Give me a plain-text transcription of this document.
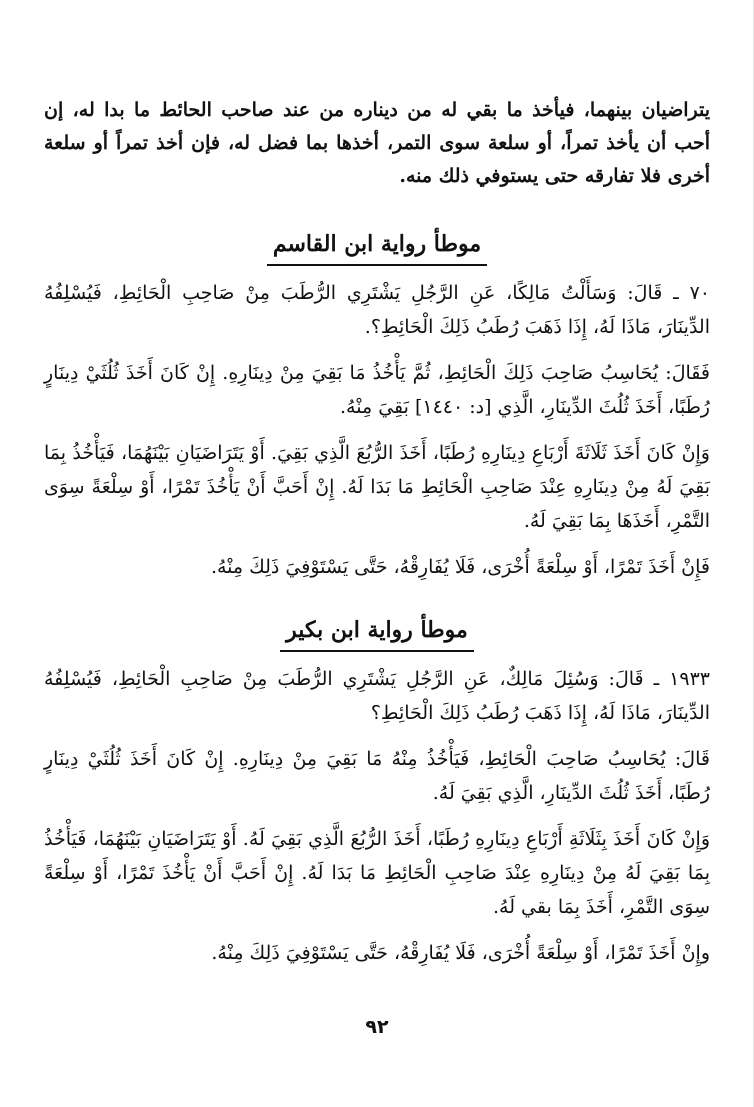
يتراضيان بينهما، فيأخذ ما بقي له من ديناره من عند صاحب الحائط ما بدا له، إن أحب أن يأخذ تمراً، أو سلعة سوى التمر، أخذها بما فضل له، فإن أخذ تمراً أو سلعة أخرى فلا تفارقه حتى يستوفي ذلك منه.

موطأ رواية ابن القاسم

٧٠ ـ قَالَ: وَسَأَلْتُ مَالِكًا، عَنِ الرَّجُلِ يَشْتَرِي الرُّطَبَ مِنْ صَاحِبِ الْحَائِطِ، فَيُسْلِفُهُ الدِّينَارَ، مَاذَا لَهُ، إِذَا ذَهَبَ رُطَبُ ذَلِكَ الْحَائِطِ؟.

فَقَالَ: يُحَاسِبُ صَاحِبَ ذَلِكَ الْحَائِطِ، ثُمَّ يَأْخُذُ مَا بَقِيَ مِنْ دِينَارِهِ. إِنْ كَانَ أَخَذَ ثُلُثَيْ دِينَارٍ رُطَبًا، أَخَذَ ثُلُثَ الدِّينَارِ، الَّذِي [د: ١٤٤٠] بَقِيَ مِنْهُ.

وَإِنْ كَانَ أَخَذَ ثَلَاثَةَ أَرْبَاعِ دِينَارِهِ رُطَبًا، أَخَذَ الرُّبُعَ الَّذِي بَقِيَ. أَوْ يَتَرَاضَيَانِ بَيْنَهُمَا، فَيَأْخُذُ بِمَا بَقِيَ لَهُ مِنْ دِينَارِهِ عِنْدَ صَاحِبِ الْحَائِطِ مَا بَدَا لَهُ. إِنْ أَحَبَّ أَنْ يَأْخُذَ تَمْرًا، أَوْ سِلْعَةً سِوَى التَّمْرِ، أَخَذَهَا بِمَا بَقِيَ لَهُ.

فَإِنْ أَخَذَ تَمْرًا، أَوْ سِلْعَةً أُخْرَى، فَلَا يُفَارِقْهُ، حَتَّى يَسْتَوْفِيَ ذَلِكَ مِنْهُ.

موطأ رواية ابن بكير

١٩٣٣ ـ قَالَ: وَسُئِلَ مَالِكٌ، عَنِ الرَّجُلِ يَشْتَرِي الرُّطَبَ مِنْ صَاحِبِ الْحَائِطِ، فَيُسْلِفُهُ الدِّينَارَ، مَاذَا لَهُ، إِذَا ذَهَبَ رُطَبُ ذَلِكَ الْحَائِطِ؟

قَالَ: يُحَاسِبُ صَاحِبَ الْحَائِطِ، فَيَأْخُذُ مِنْهُ مَا بَقِيَ مِنْ دِينَارِهِ. إِنْ كَانَ أَخَذَ ثُلُثَيْ دِينَارٍ رُطَبًا، أَخَذَ ثُلُثَ الدِّينَارِ، الَّذِي بَقِيَ لَهُ.

وَإِنْ كَانَ أَخَذَ بِثَلَاثَةِ أَرْبَاعِ دِينَارِهِ رُطَبًا، أَخَذَ الرُّبُعَ الَّذِي بَقِيَ لَهُ. أَوْ يَتَرَاضَيَانِ بَيْنَهُمَا، فَيَأْخُذُ بِمَا بَقِيَ لَهُ مِنْ دِينَارِهِ عِنْدَ صَاحِبِ الْحَائِطِ مَا بَدَا لَهُ. إِنْ أَحَبَّ أَنْ يَأْخُذَ تَمْرًا، أَوْ سِلْعَةً سِوَى التَّمْرِ، أَخَذَ بِمَا بقي لَهُ.

وإِنْ أَخَذَ تَمْرًا، أَوْ سِلْعَةً أُخْرَى، فَلَا يُفَارِقْهُ، حَتَّى يَسْتَوْفِيَ ذَلِكَ مِنْهُ.

٩٢
